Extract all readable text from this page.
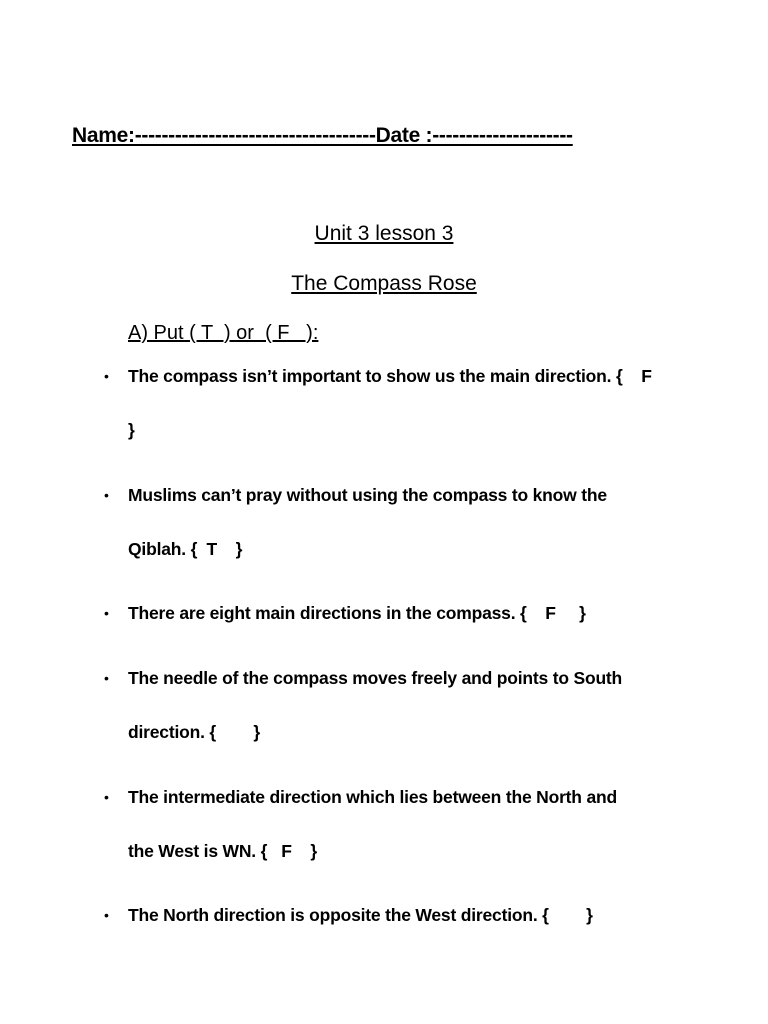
Name:------------------------------------Date :---------------------
Unit 3 lesson 3
The Compass Rose
A) Put ( T  ) or  ( F   ):
• The compass isn’t important to show us the main direction. {    F
}
• Muslims can’t pray without using the compass to know the
Qiblah. {  T    }
• There are eight main directions in the compass. {    F     }
• The needle of the compass moves freely and points to South
direction. {        }
• The intermediate direction which lies between the North and
the West is WN. {   F    }
• The North direction is opposite the West direction. {        }
